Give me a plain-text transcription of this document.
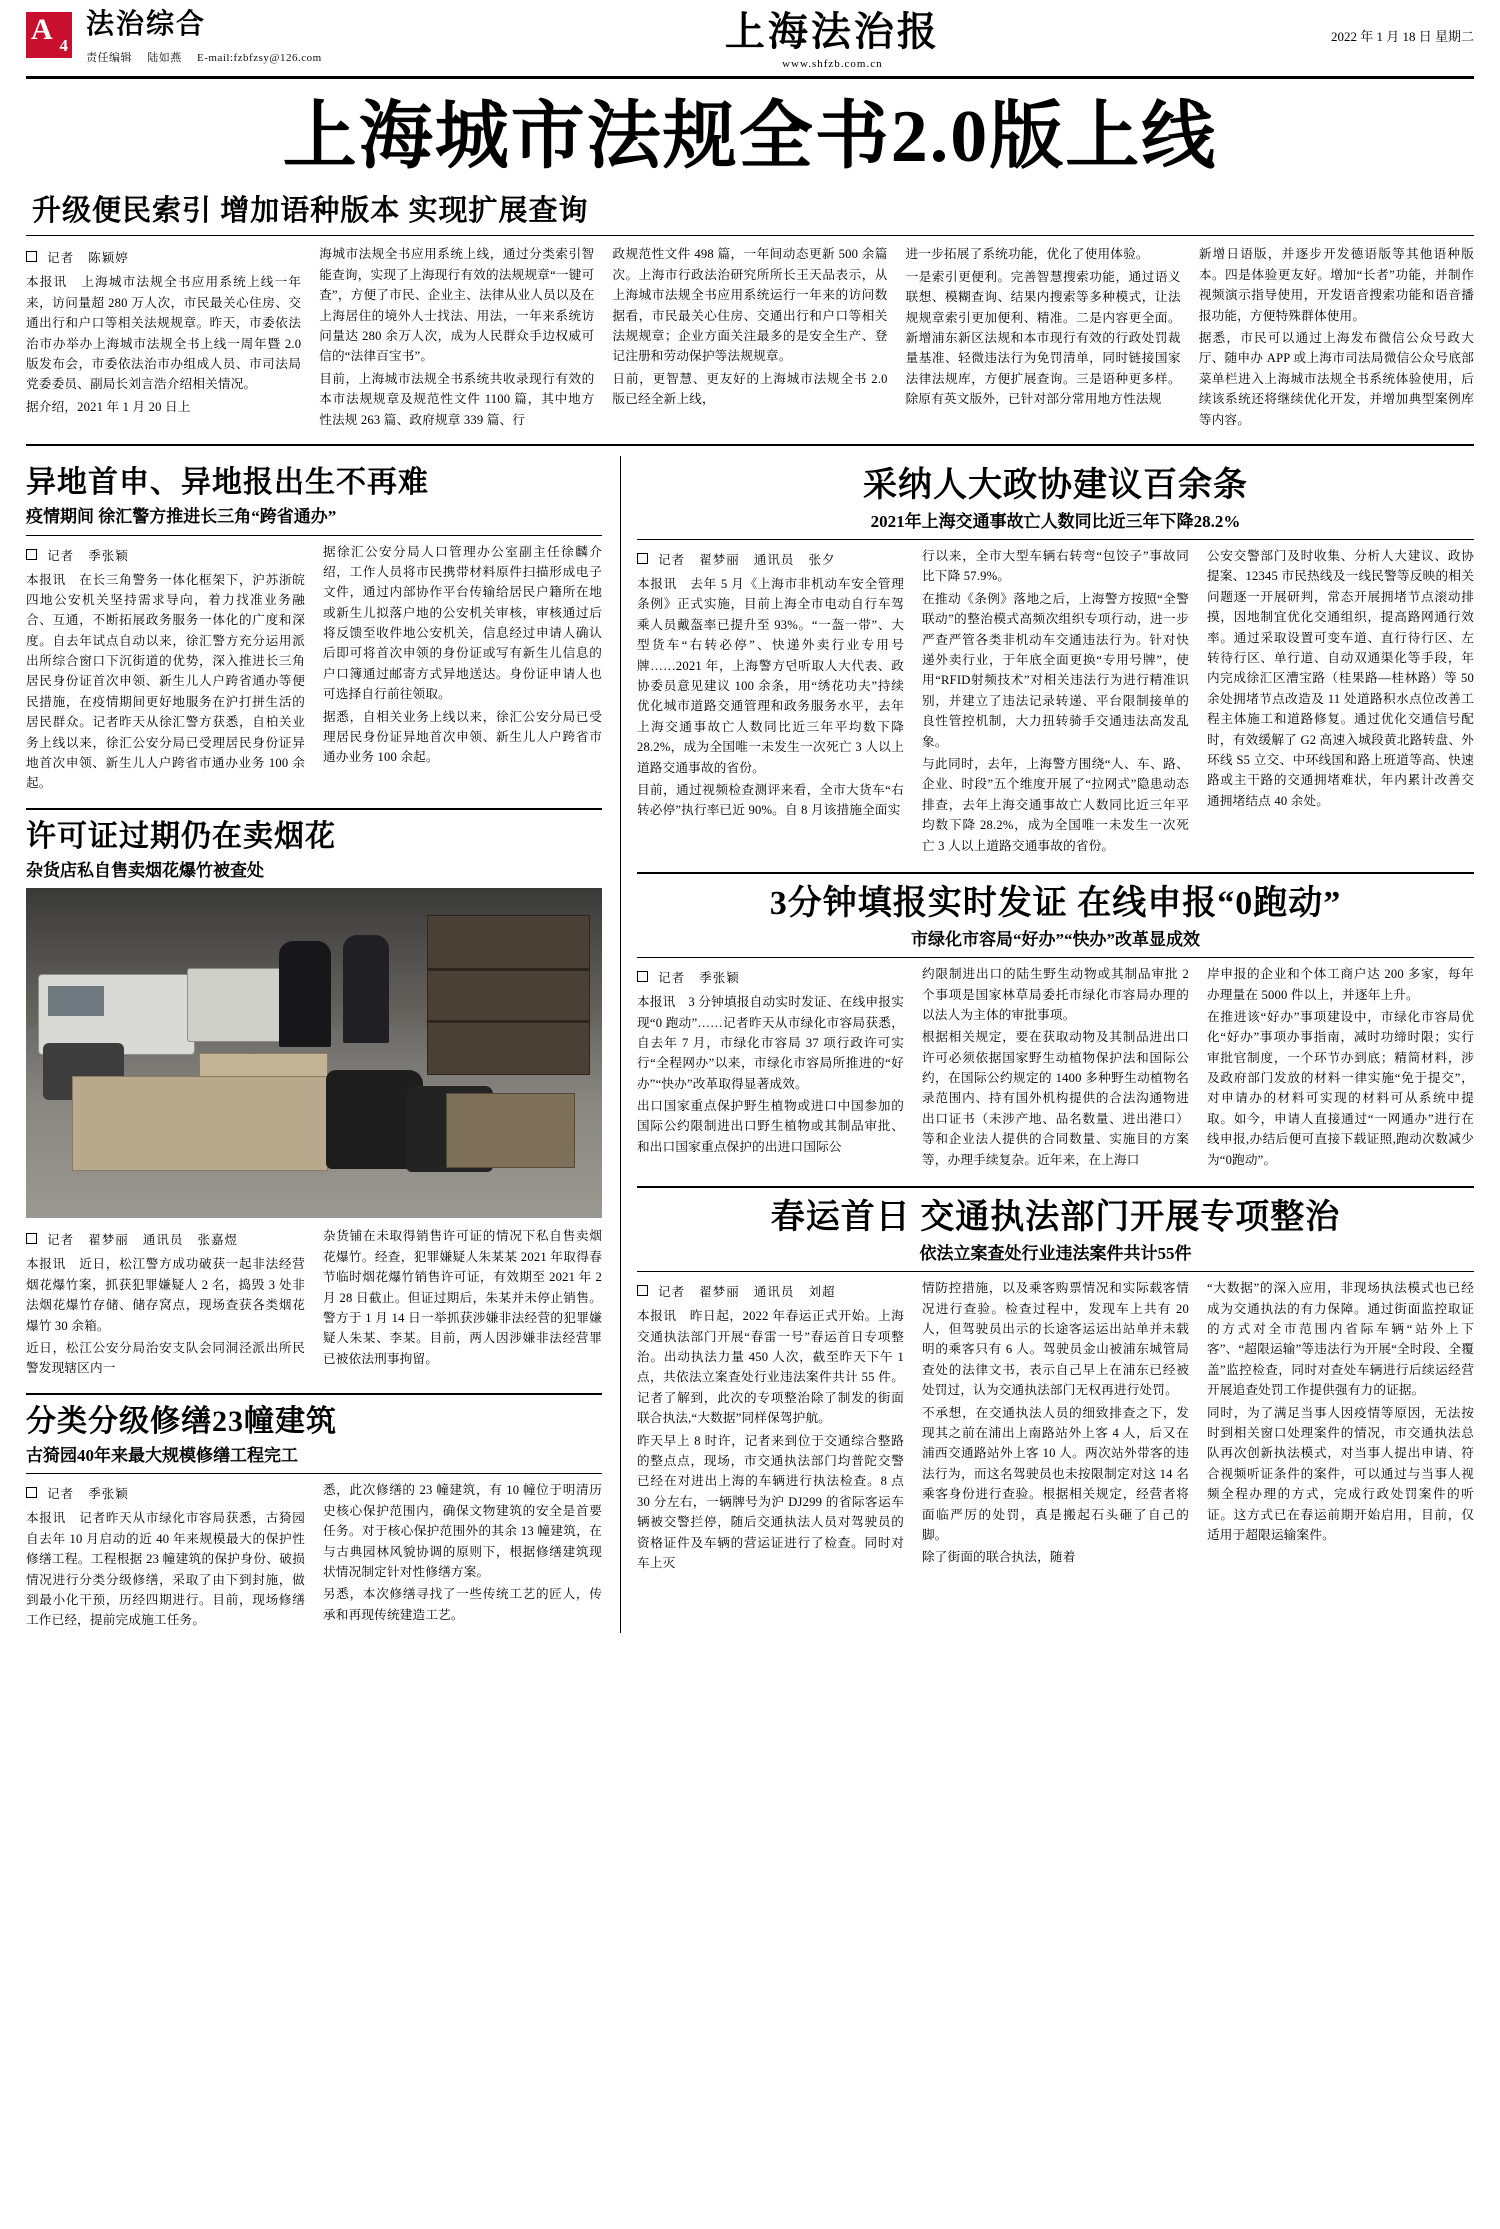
A 4
法治综合
责任编辑 陆如燕 E-mail:fzbfzsy@126.com
上海法治报
www.shfzb.com.cn
2022 年 1 月 18 日 星期二
上海城市法规全书2.0版上线
升级便民索引 增加语种版本 实现扩展查询
记者 陈颖婷

本报讯　上海城市法规全书应用系统上线一年来，访问量超 280 万人次，市民最关心住房、交通出行和户口等相关法规规章。昨天，市委依法治市办举办上海城市法规全书上线一周年暨 2.0 版发布会，市委依法治市办组成人员、市司法局党委委员、副局长刘言浩介绍相关情况。

据介绍，2021 年 1 月 20 日上

海城市法规全书应用系统上线，通过分类索引智能查询，实现了上海现行有效的法规规章“一键可查”，方便了市民、企业主、法律从业人员以及在上海居住的境外人士找法、用法，一年来系统访问量达 280 余万人次，成为人民群众手边权威可信的“法律百宝书”。

目前，上海城市法规全书系统共收录现行有效的 本市法规规章及规范性文件 1100 篇，其中地方性法规 263 篇、政府规章 339 篇、行

政规范性文件 498 篇，一年间动态更新 500 余篇次。上海市行政法治研究所所长王天品表示，从上海城市法规全书应用系统运行一年来的访问数据看，市民最关心住房、交通出行和户口等相关法规规章；企业方面关注最多的是安全生产、登记注册和劳动保护等法规规章。

日前，更智慧、更友好的上海城市法规全书 2.0 版已经全新上线，

进一步拓展了系统功能，优化了使用体验。

一是索引更便利。完善智慧搜索功能，通过语义联想、模糊查询、结果内搜索等多种模式，让法规规章索引更加便利、精准。二是内容更全面。新增浦东新区法规和本市现行有效的行政处罚裁量基准、轻微违法行为免罚清单，同时链接国家法律法规库，方便扩展查询。三是语种更多样。除原有英文版外，已针对部分常用地方性法规

新增日语版，并逐步开发德语版等其他语种版本。四是体验更友好。增加“长者”功能，并制作视频演示指导使用，开发语音搜索功能和语音播报功能，方便特殊群体使用。

据悉，市民可以通过上海发布微信公众号政大厅、随申办 APP 或上海市司法局微信公众号底部菜单栏进入上海城市法规全书系统体验使用，后续该系统还将继续优化开发，并增加典型案例库等内容。

异地首申、异地报出生不再难
疫情期间 徐汇警方推进长三角“跨省通办”
记者 季张颖

本报讯　在长三角警务一体化框架下，沪苏浙皖四地公安机关坚持需求导向，着力找准业务融合、互通，不断拓展政务服务一体化的广度和深度。自去年试点自动以来，徐汇警方充分运用派出所综合窗口下沉街道的优势，深入推进长三角居民身份证首次申领、新生儿人户跨省通办等便民措施，在疫情期间更好地服务在沪打拼生活的居民群众。记者昨天从徐汇警方获悉，自柏关业务上线以来，徐汇公安分局已受理居民身份证异地首次申领、新生儿人户跨省市通办业务 100 余起。

据徐汇公安分局人口管理办公室副主任徐麟介绍，工作人员将市民携带材料原件扫描形成电子文件，通过内部协作平台传输给居民户籍所在地或新生儿拟落户地的公安机关审核，审核通过后将反馈至收件地公安机关，信息经过申请人确认后即可将首次申领的身份证或写有新生儿信息的户口簿通过邮寄方式异地送达。身份证申请人也可选择自行前往领取。

据悉，自相关业务上线以来，徐汇公安分局已受理居民身份证异地首次申领、新生儿人户跨省市通办业务 100 余起。

许可证过期仍在卖烟花
杂货店私自售卖烟花爆竹被查处
记者 翟梦丽 通讯员 张嘉煜

本报讯　近日，松江警方成功破获一起非法经营烟花爆竹案，抓获犯罪嫌疑人 2 名，捣毁 3 处非法烟花爆竹存储、储存窝点，现场查获各类烟花爆竹 30 余箱。

近日，松江公安分局治安支队会同洞泾派出所民警发现辖区内一

杂货铺在未取得销售许可证的情况下私自售卖烟花爆竹。经查，犯罪嫌疑人朱某某 2021 年取得春节临时烟花爆竹销售许可证，有效期至 2021 年 2 月 28 日截止。但证过期后，朱某并未停止销售。警方于 1 月 14 日一举抓获涉嫌非法经营的犯罪嫌疑人朱某、李某。目前，两人因涉嫌非法经营罪已被依法刑事拘留。

分类分级修缮23幢建筑
古猗园40年来最大规模修缮工程完工
记者 季张颖

本报讯　记者昨天从市绿化市容局获悉，古猗园自去年 10 月启动的近 40 年来规模最大的保护性修缮工程。工程根据 23 幢建筑的保护身份、破损情况进行分类分级修缮，采取了由下到封施，做到最小化干预，历经四期进行。目前，现场修缮工作已经，提前完成施工任务。

悉，此次修缮的 23 幢建筑，有 10 幢位于明清历史核心保护范围内，确保文物建筑的安全是首要任务。对于核心保护范围外的其余 13 幢建筑，在与古典园林风貌协调的原则下，根据修缮建筑现状情况制定针对性修缮方案。

另悉，本次修缮寻找了一些传统工艺的匠人，传承和再现传统建造工艺。

采纳人大政协建议百余条
2021年上海交通事故亡人数同比近三年下降28.2%
记者 翟梦丽 通讯员 张夕

本报讯　去年 5 月《上海市非机动车安全管理条例》正式实施，目前上海全市电动自行车驾乘人员戴盔率已提升至 93%。“一盔一带”、大型货车“右转必停”、快递外卖行业专用号牌……2021 年，上海警方던听取人大代表、政协委员意见建议 100 余条，用“绣花功夫”持续优化城市道路交通管理和政务服务水平，去年上海交通事故亡人数同比近三年平均数下降 28.2%，成为全国唯一未发生一次死亡 3 人以上道路交通事故的省份。

目前，通过视频检查测评来看，全市大货车“右转必停”执行率已近 90%。自 8 月该措施全面实

行以来，全市大型车辆右转弯“包饺子”事故同比下降 57.9%。

在推动《条例》落地之后，上海警方按照“全警联动”的整治模式高频次组织专项行动，进一步严查严管各类非机动车交通违法行为。针对快递外卖行业，于年底全面更换“专用号牌”，使用“RFID射频技术”对相关违法行为进行精准识别，并建立了违法记录转递、平台限制接单的良性管控机制，大力扭转骑手交通违法高发乱象。

与此同时，去年，上海警方围绕“人、车、路、企业、时段”五个维度开展了“拉网式”隐患动态排查，去年上海交通事故亡人数同比近三年平均数下降 28.2%，成为全国唯一未发生一次死亡 3 人以上道路交通事故的省份。

公安交警部门及时收集、分析人大建议、政协提案、12345 市民热线及一线民警等反映的相关问题逐一开展研判，常态开展拥堵节点滚动排摸，因地制宜优化交通组织，提高路网通行效率。通过采取设置可变车道、直行待行区、左转待行区、单行道、自动双通渠化等手段，年内完成徐汇区漕宝路（桂果路—桂林路）等 50 余处拥堵节点改造及 11 处道路积水点位改善工程主体施工和道路修复。通过优化交通信号配时，有效缓解了 G2 高速入城段黄北路转盘、外环线 S5 立交、中环线国和路上班道等高、快速路或主干路的交通拥堵难状，年内累计改善交通拥堵结点 40 余处。

3分钟填报实时发证 在线申报“0跑动”
市绿化市容局“好办”“快办”改革显成效
记者 季张颖

本报讯　3 分钟填报自动实时发证、在线申报实现“0 跑动”……记者昨天从市绿化市容局获悉，自去年 7 月，市绿化市容局 37 项行政许可实行“全程网办”以来，市绿化市容局所推进的“好办”“快办”改革取得显著成效。

出口国家重点保护野生植物或进口中国参加的国际公约限制进出口野生植物或其制品审批、和出口国家重点保护的出进口国际公

约限制进出口的陆生野生动物或其制品审批 2 个事项是国家林草局委托市绿化市容局办理的以法人为主体的审批事项。

根据相关规定，要在获取动物及其制品进出口许可必须依据国家野生动植物保护法和国际公约，在国际公约规定的 1400 多种野生动植物名录范围内、持有国外机构提供的合法沟通物进出口证书（未涉产地、品名数量、进出港口）等和企业法人提供的合同数量、实施目的方案等，办理手续复杂。近年来，在上海口

岸申报的企业和个体工商户达 200 多家，每年办理量在 5000 件以上，并逐年上升。

在推进该“好办”事项建设中，市绿化市容局优化“好办”事项办事指南，减时功缔时限；实行审批官制度，一个环节办到底；精简材料，涉及政府部门发放的材料一律实施“免于提交”，对申请办的材料可实现的材料可从系统中提取。如今，申请人直接通过“一网通办”进行在线申报,办结后便可直接下载证照,跑动次数减少为“0跑动”。

春运首日 交通执法部门开展专项整治
依法立案查处行业违法案件共计55件
记者 翟梦丽 通讯员 刘超

本报讯　昨日起，2022 年春运正式开始。上海交通执法部门开展“春雷一号”春运首日专项整治。出动执法力量 450 人次，截至昨天下午 1 点，共依法立案查处行业违法案件共计 55 件。记者了解到，此次的专项整治除了制发的街面联合执法,“大数据”同样保驾护航。

昨天早上 8 时许，记者来到位于交通综合整路的整点点，现场，市交通执法部门均普陀交警已经在对进出上海的车辆进行执法检查。8 点 30 分左右，一辆牌号为沪 DJ299 的省际客运车辆被交警拦停，随后交通执法人员对驾驶员的资格证件及车辆的营运证进行了检查。同时对车上灭

情防控措施，以及乘客购票情况和实际载客情况进行查验。检查过程中，发现车上共有 20 人，但驾驶员出示的长途客运运出站单并未载明的乘客只有 6 人。驾驶员金山被浦东城管局查处的法律文书，表示自己早上在浦东已经被处罚过，认为交通执法部门无权再进行处罚。

不承想，在交通执法人员的细致排查之下，发现其之前在浦出上南路站外上客 4 人，后又在浦西交通路站外上客 10 人。两次站外带客的违法行为，而这名驾驶员也未按限制定对这 14 名乘客身份进行查验。根据相关规定，经营者将面临严厉的处罚，真是搬起石头砸了自己的脚。

除了街面的联合执法，随着

“大数据”的深入应用，非现场执法模式也已经成为交通执法的有力保障。通过街面监控取证的方式对全市范围内省际车辆“站外上下客”、“超限运输”等违法行为开展“全时段、全覆盖”监控检查，同时对查处车辆进行后续运经营开展追查处罚工作提供强有力的证据。

同时，为了满足当事人因疫情等原因，无法按时到相关窗口处理案件的情况，市交通执法总队再次创新执法模式，对当事人提出申请、符合视频听证条件的案件，可以通过与当事人视频全程办理的方式，完成行政处罚案件的听证。这方式已在春运前期开始启用，目前，仅适用于超限运输案件。
